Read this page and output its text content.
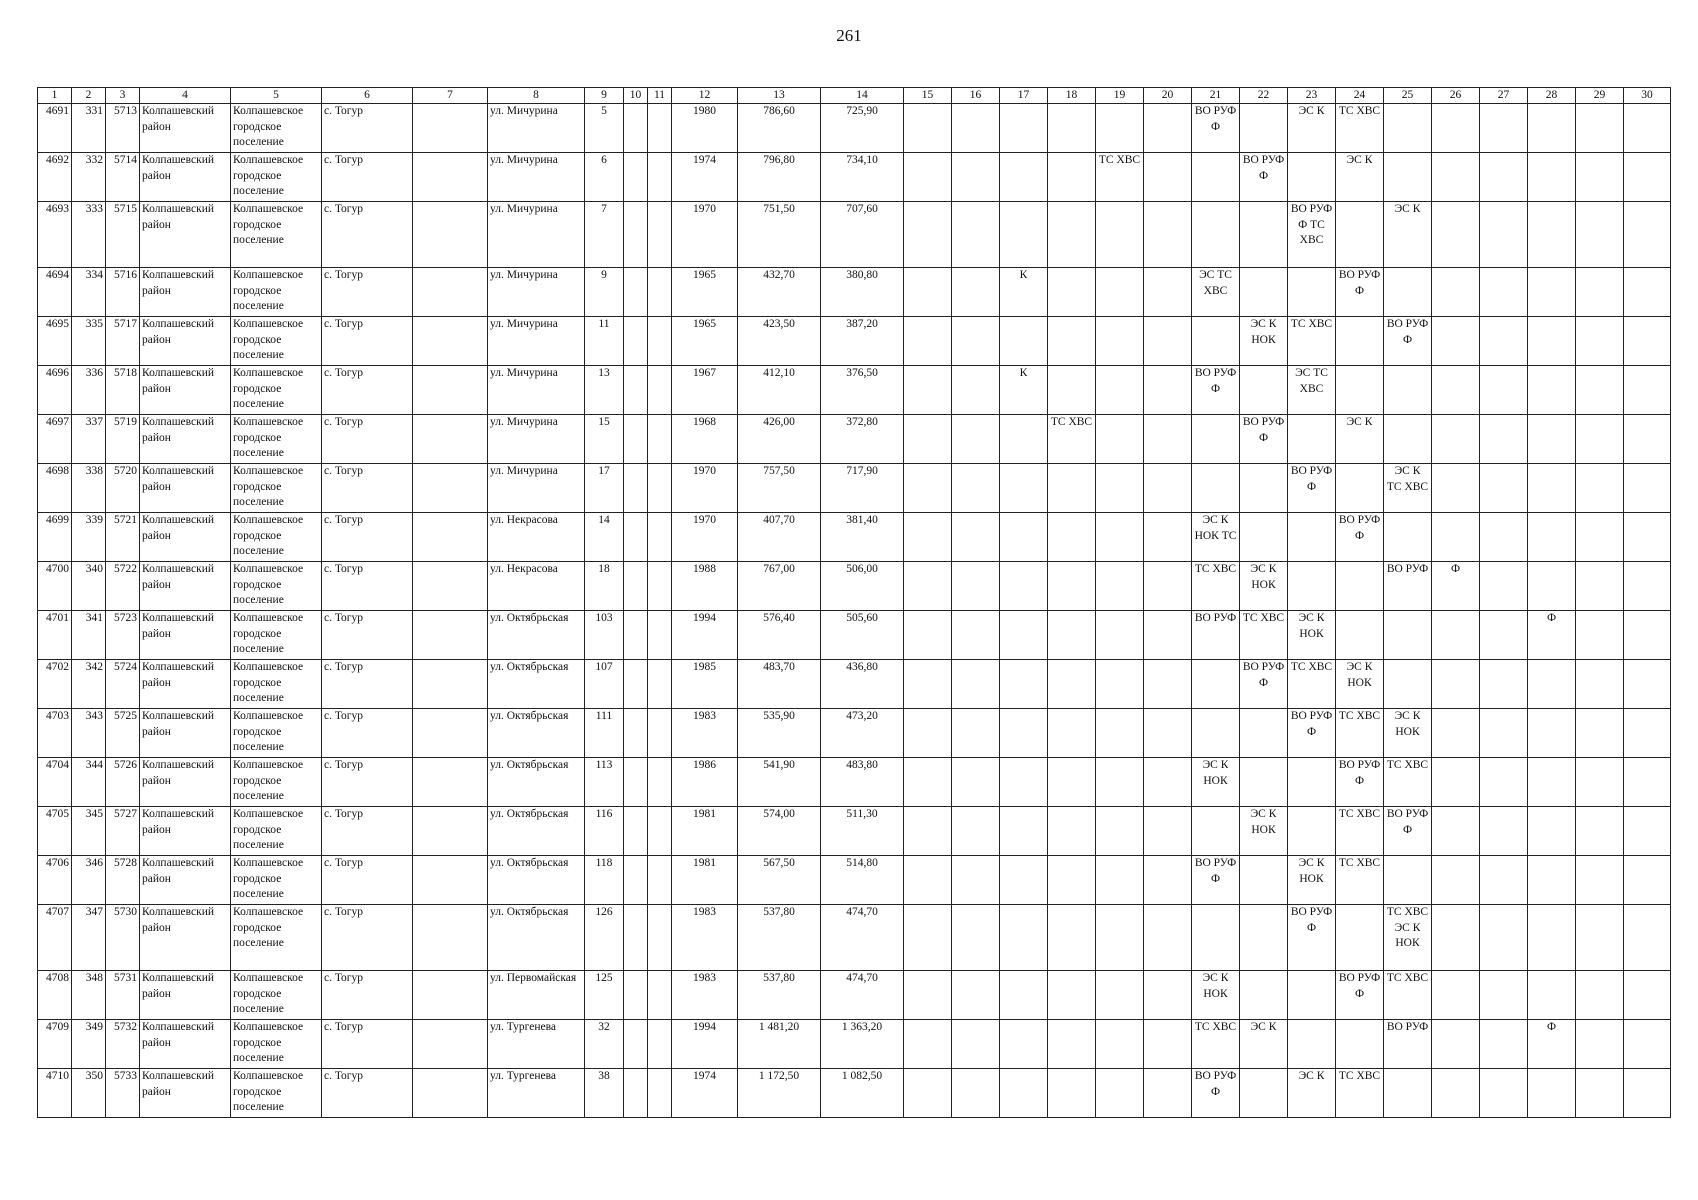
261
1	2	3	4	5	6	7	8	9	10	11	12	13	14	15	16	17	18	19	20	21	22	23	24	25	26	27	28	29	30
4691	331	5713	Колпашевский район	Колпашевское городское поселение	с. Тогур		ул. Мичурина	5			1980	786,60	725,90							ВО РУФ Ф		ЭС К	ТС ХВС						
4692	332	5714	Колпашевский район	Колпашевское городское поселение	с. Тогур		ул. Мичурина	6			1974	796,80	734,10					ТС ХВС			ВО РУФ Ф		ЭС К						
4693	333	5715	Колпашевский район	Колпашевское городское поселение	с. Тогур		ул. Мичурина	7			1970	751,50	707,60									ВО РУФ Ф ТС ХВС		ЭС К					
4694	334	5716	Колпашевский район	Колпашевское городское поселение	с. Тогур		ул. Мичурина	9			1965	432,70	380,80			К				ЭС ТС ХВС			ВО РУФ Ф						
4695	335	5717	Колпашевский район	Колпашевское городское поселение	с. Тогур		ул. Мичурина	11			1965	423,50	387,20								ЭС К НОК	ТС ХВС		ВО РУФ Ф					
4696	336	5718	Колпашевский район	Колпашевское городское поселение	с. Тогур		ул. Мичурина	13			1967	412,10	376,50			К				ВО РУФ Ф		ЭС ТС ХВС							
4697	337	5719	Колпашевский район	Колпашевское городское поселение	с. Тогур		ул. Мичурина	15			1968	426,00	372,80				ТС ХВС				ВО РУФ Ф		ЭС К						
4698	338	5720	Колпашевский район	Колпашевское городское поселение	с. Тогур		ул. Мичурина	17			1970	757,50	717,90									ВО РУФ Ф		ЭС К ТС ХВС					
4699	339	5721	Колпашевский район	Колпашевское городское поселение	с. Тогур		ул. Некрасова	14			1970	407,70	381,40							ЭС К НОК ТС			ВО РУФ Ф						
4700	340	5722	Колпашевский район	Колпашевское городское поселение	с. Тогур		ул. Некрасова	18			1988	767,00	506,00							ТС ХВС	ЭС К НОК			ВО РУФ	Ф				
4701	341	5723	Колпашевский район	Колпашевское городское поселение	с. Тогур		ул. Октябрьская	103			1994	576,40	505,60							ВО РУФ	ТС ХВС	ЭС К НОК					Ф		
4702	342	5724	Колпашевский район	Колпашевское городское поселение	с. Тогур		ул. Октябрьская	107			1985	483,70	436,80								ВО РУФ Ф	ТС ХВС	ЭС К НОК						
4703	343	5725	Колпашевский район	Колпашевское городское поселение	с. Тогур		ул. Октябрьская	111			1983	535,90	473,20									ВО РУФ Ф	ТС ХВС	ЭС К НОК					
4704	344	5726	Колпашевский район	Колпашевское городское поселение	с. Тогур		ул. Октябрьская	113			1986	541,90	483,80							ЭС К НОК			ВО РУФ Ф	ТС ХВС					
4705	345	5727	Колпашевский район	Колпашевское городское поселение	с. Тогур		ул. Октябрьская	116			1981	574,00	511,30								ЭС К НОК		ТС ХВС	ВО РУФ Ф					
4706	346	5728	Колпашевский район	Колпашевское городское поселение	с. Тогур		ул. Октябрьская	118			1981	567,50	514,80							ВО РУФ Ф		ЭС К НОК	ТС ХВС						
4707	347	5730	Колпашевский район	Колпашевское городское поселение	с. Тогур		ул. Октябрьская	126			1983	537,80	474,70									ВО РУФ Ф		ТС ХВС ЭС К НОК					
4708	348	5731	Колпашевский район	Колпашевское городское поселение	с. Тогур		ул. Первомайская	125			1983	537,80	474,70							ЭС К НОК			ВО РУФ Ф	ТС ХВС					
4709	349	5732	Колпашевский район	Колпашевское городское поселение	с. Тогур		ул. Тургенева	32			1994	1 481,20	1 363,20							ТС ХВС	ЭС К			ВО РУФ			Ф		
4710	350	5733	Колпашевский район	Колпашевское городское поселение	с. Тогур		ул. Тургенева	38			1974	1 172,50	1 082,50							ВО РУФ Ф		ЭС К	ТС ХВС						
